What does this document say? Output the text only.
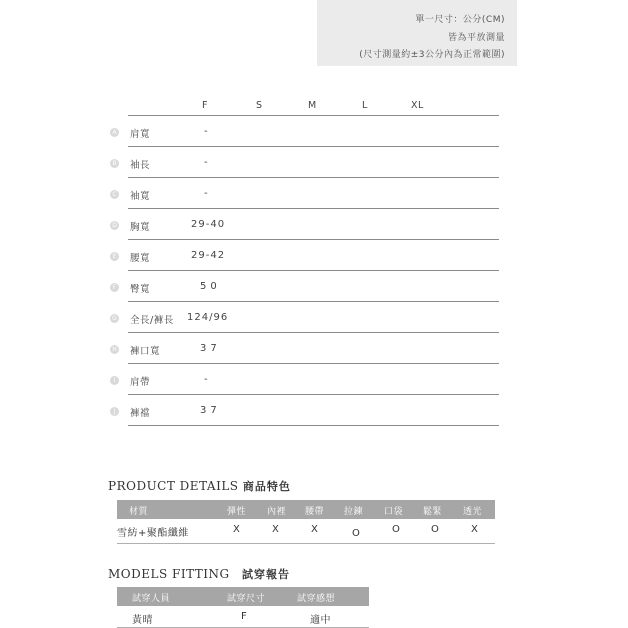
單一尺寸：公分(CM)
皆為平放測量
(尺寸測量約±3公分內為正常範圍)
F	S	M	L	XL
A 肩寬	-
B 袖長	-
C 袖寬	-
D 胸寬	29-40
E 腰寬	29-42
F 臀寬	50
G 全長/褲長 124/96
H 褲口寬	37
I	肩帶	-
J	褲襠	37
PRODUCT DETAILS 商品特色
材質	彈性 內裡 腰帶 拉鍊 口袋 鬆緊 透光
雪紡+聚酯纖維	X	X	X	O	O	O	X
MODELS FITTING 試穿報告
試穿人員	試穿尺寸	試穿感想
黃晴	F	適中
